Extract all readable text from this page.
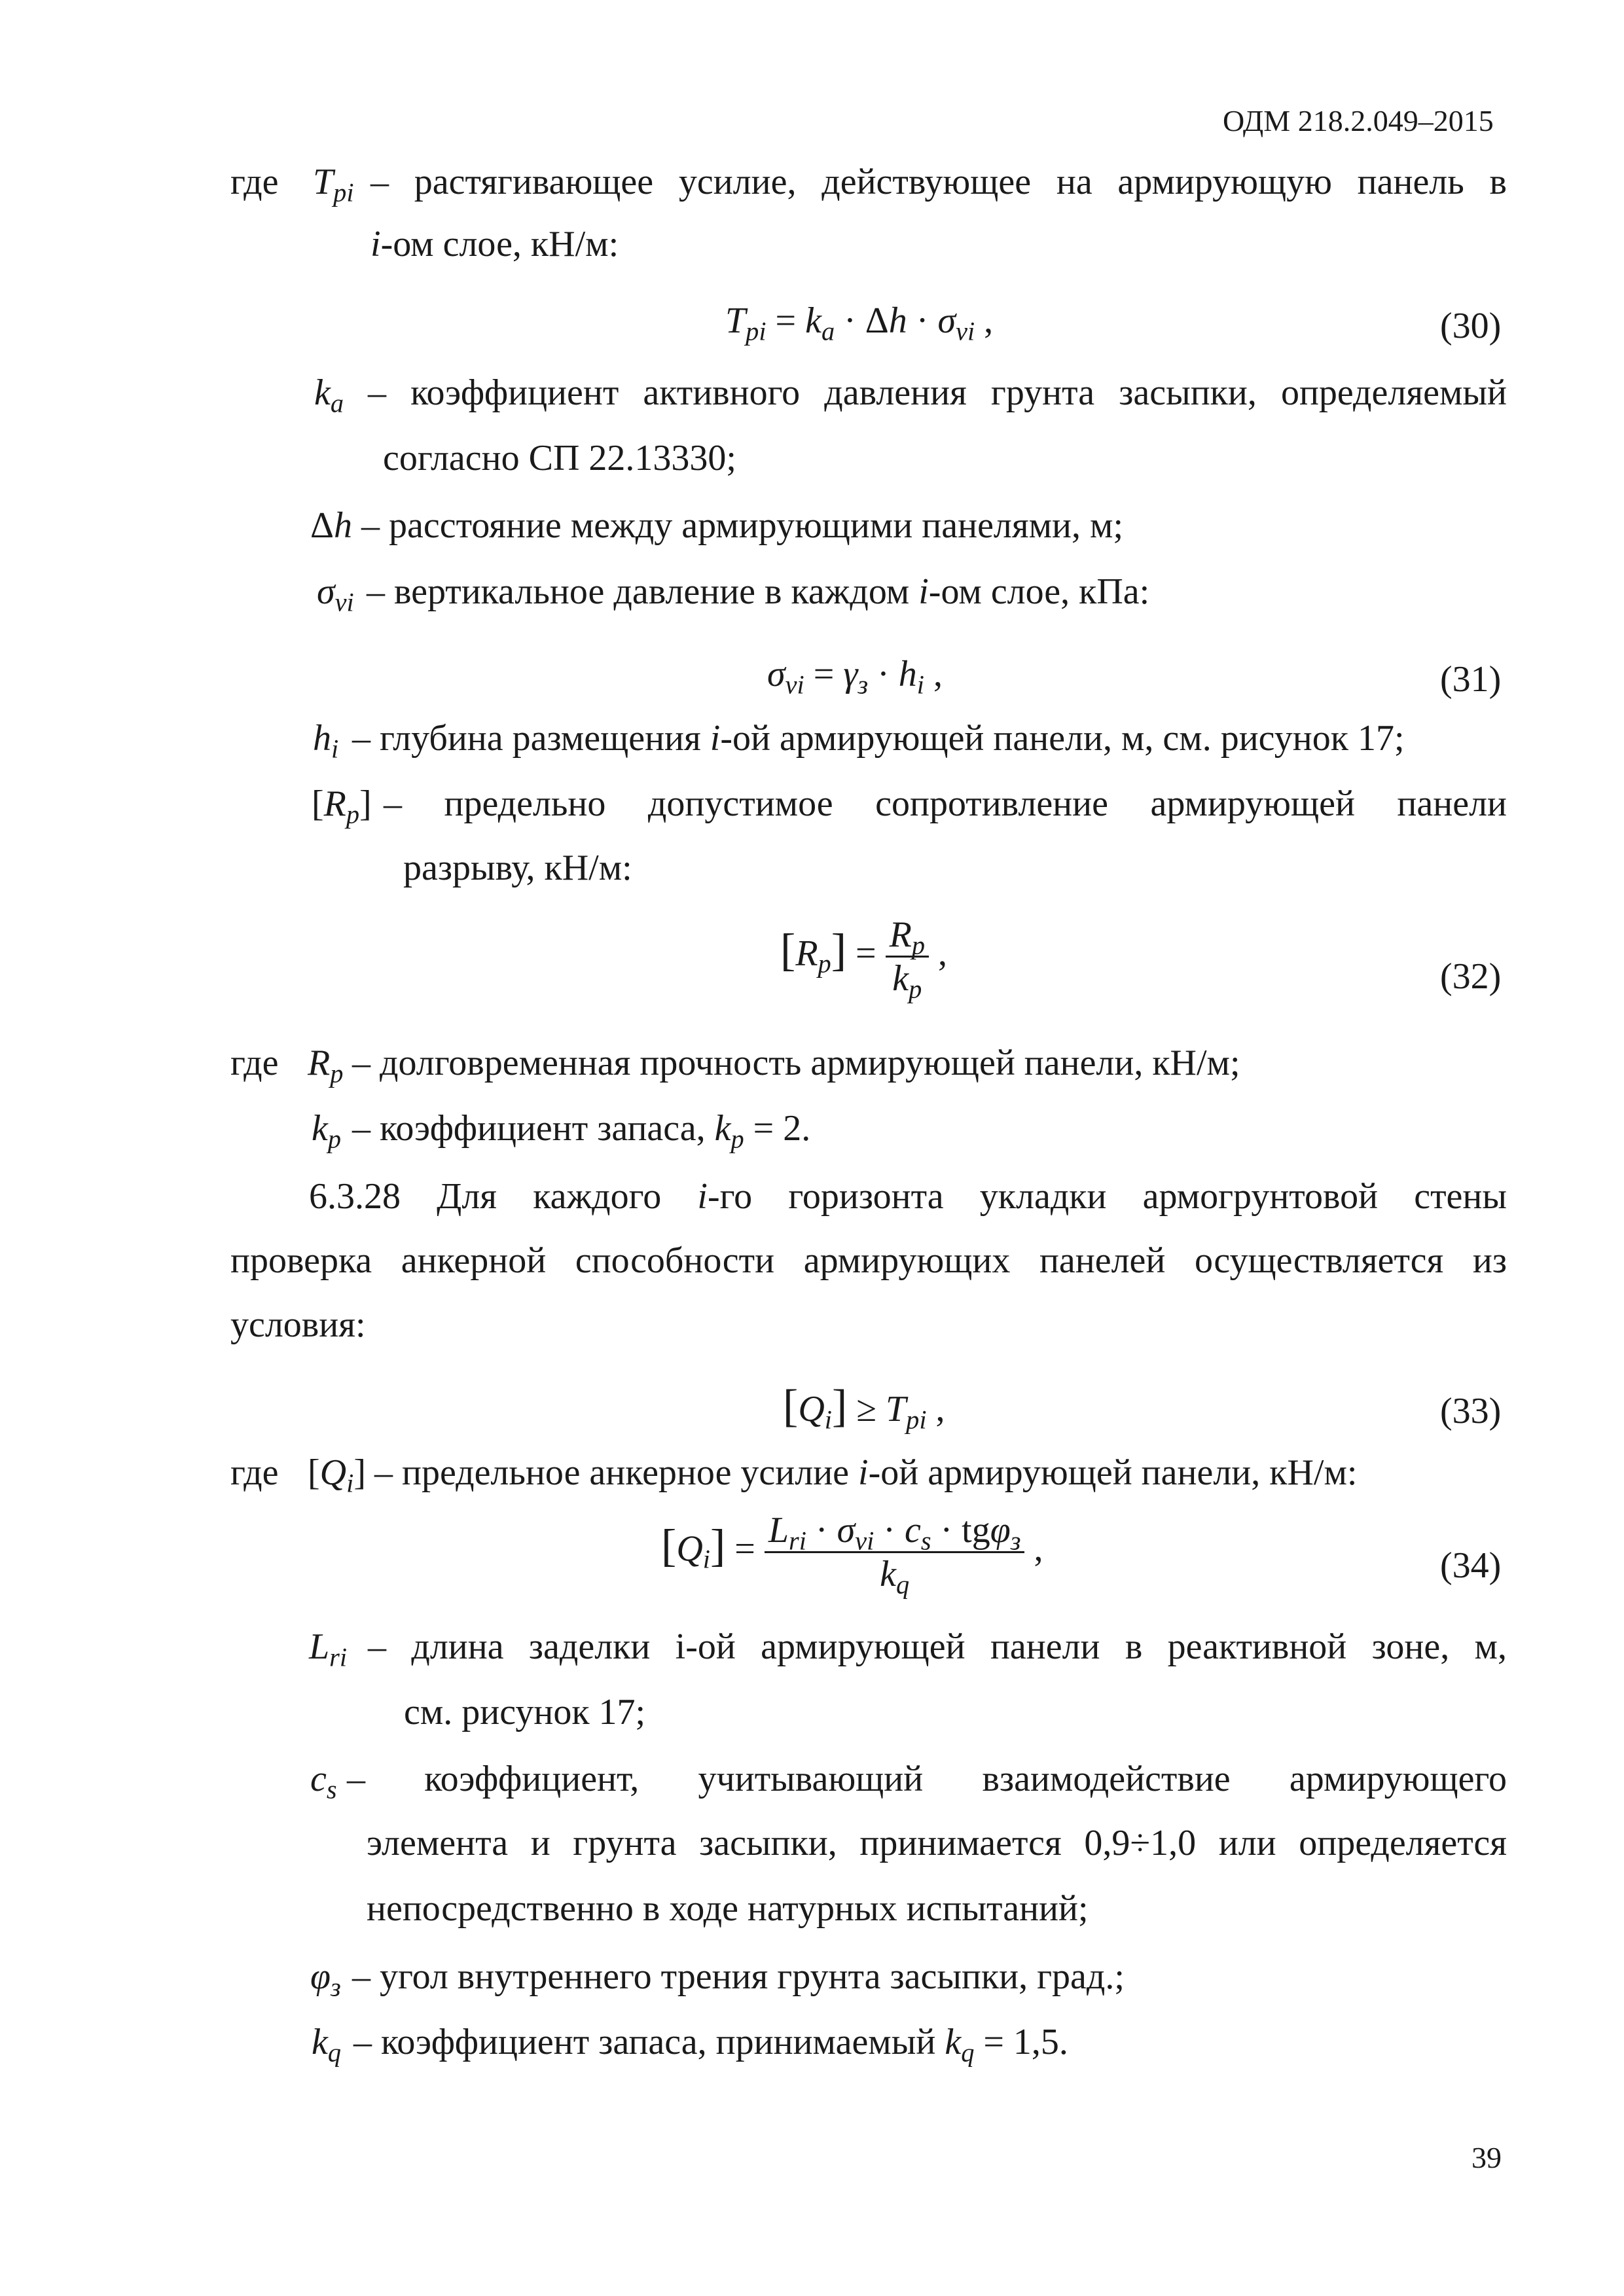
ОДМ 218.2.049–2015
где $T_{pi}$ – растягивающее усилие, действующее на армирующую панель в
i-ом слое, кН/м:
$T_{pi} = k_a \cdot \Delta h \cdot \sigma_{vi}$ ,	(30)
$k_a$ – коэффициент активного давления грунта засыпки, определяемый
согласно СП 22.13330;
Δh – расстояние между армирующими панелями, м;
$\sigma_{vi}$ – вертикальное давление в каждом i-ом слое, кПа:
$\sigma_{vi} = \gamma_з \cdot h_i$ ,	(31)
$h_i$ – глубина размещения i-ой армирующей панели, м, см. рисунок 17;
$[R_p]$ – предельно допустимое сопротивление армирующей панели
разрыву, кН/м:
$[R_p] = \frac{R_p}{k_p}$ ,
(32)
где $R_p$ – долговременная прочность армирующей панели, кН/м;
$k_p$ – коэффициент запаса, $k_p = 2$.
6.3.28 Для каждого i-го горизонта укладки армогрунтовой стены
проверка анкерной способности армирующих панелей осуществляется из
условия:
$[Q_i] \ge T_{pi}$ ,	(33)
где $[Q_i]$ – предельное анкерное усилие i-ой армирующей панели, кН/м:
$[Q_i] = \frac{L_{ri} \cdot \sigma_{vi} \cdot c_s \cdot tg\varphi_з}{k_q}$ ,	(34)
$L_{ri}$ – длина заделки i-ой армирующей панели в реактивной зоне, м,
см. рисунок 17;
$c_s$ – коэффициент, учитывающий взаимодействие армирующего
элемента и грунта засыпки, принимается 0,9÷1,0 или определяется
непосредственно в ходе натурных испытаний;
$\varphi_з$ – угол внутреннего трения грунта засыпки, град.;
$k_q$ – коэффициент запаса, принимаемый $k_q = 1,5$.
39
